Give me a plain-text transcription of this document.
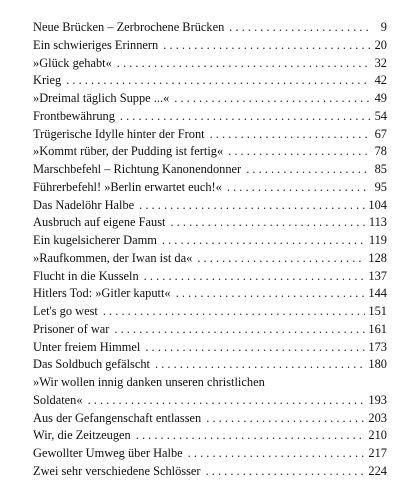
Neue Brücken – Zerbrochene Brücken . . .	9
Ein schwieriges Erinnern . . .	20
»Glück gehabt« . . .	32
Krieg . . .	42
»Dreimal täglich Suppe ...« . . .	49
Frontbewährung . . .	54
Trügerische Idylle hinter der Front . . .	67
»Kommt rüber, der Pudding ist fertig« . . .	78
Marschbefehl – Richtung Kanonendonner . . .	85
Führerbefehl! »Berlin erwartet euch!« . . .	95
Das Nadelöhr Halbe . . .	104
Ausbruch auf eigene Faust . . .	113
Ein kugelsicherer Damm . . .	119
»Raufkommen, der Iwan ist da« . . .	128
Flucht in die Kusseln . . .	137
Hitlers Tod: »Gitler kaputt« . . .	144
Let's go west . . .	151
Prisoner of war . . .	161
Unter freiem Himmel . . .	173
Das Soldbuch gefälscht . . .	180
»Wir wollen innig danken unseren christlichen
Soldaten« . . .	193
Aus der Gefangenschaft entlassen . . .	203
Wir, die Zeitzeugen . . .	210
Gewollter Umweg über Halbe . . .	217
Zwei sehr verschiedene Schlösser . . .	224
